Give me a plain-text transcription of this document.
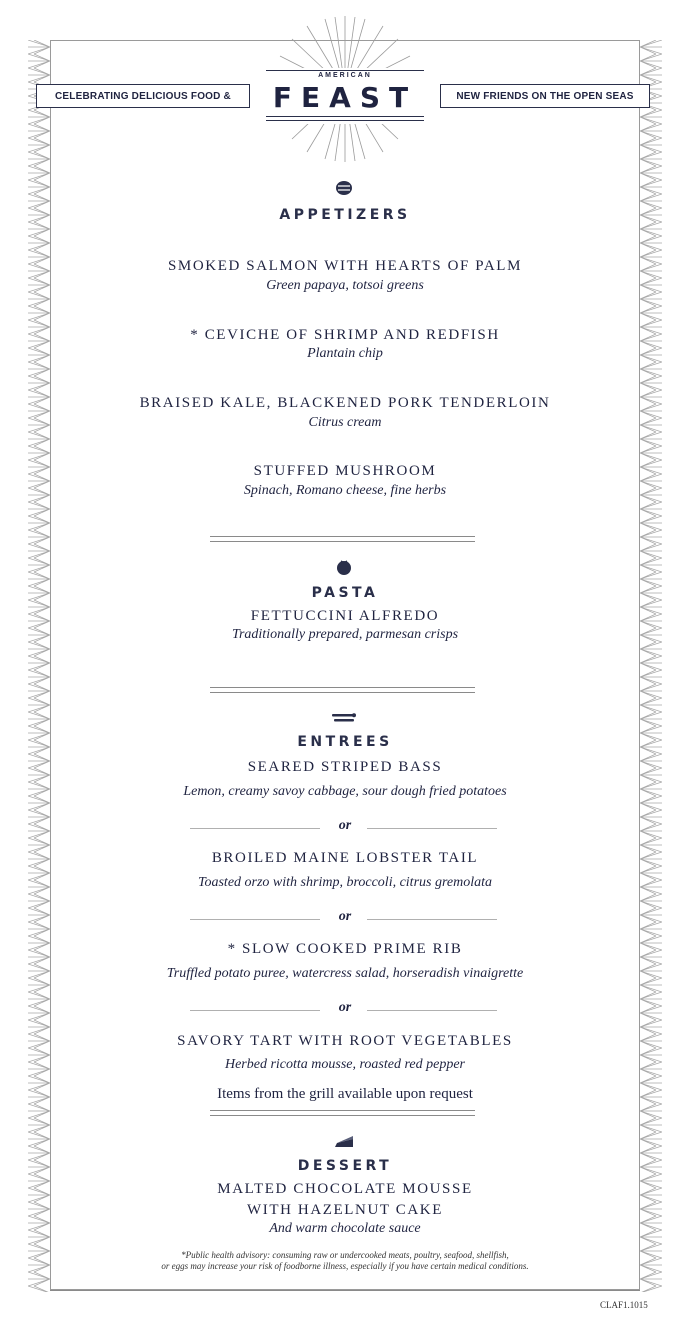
CELEBRATING DELICIOUS FOOD &	NEW FRIENDS ON THE OPEN SEAS
AMERICAN
FEAST
APPETIZERS
SMOKED SALMON WITH HEARTS OF PALM
Green papaya, totsoi greens
* CEVICHE OF SHRIMP AND REDFISH
Plantain chip
BRAISED KALE, BLACKENED PORK TENDERLOIN
Citrus cream
STUFFED MUSHROOM
Spinach, Romano cheese, fine herbs
PASTA
FETTUCCINI ALFREDO
Traditionally prepared, parmesan crisps
ENTREES
SEARED STRIPED BASS
Lemon, creamy savoy cabbage, sour dough fried potatoes
or
BROILED MAINE LOBSTER TAIL
Toasted orzo with shrimp, broccoli, citrus gremolata
or
* SLOW COOKED PRIME RIB
Truffled potato puree, watercress salad, horseradish vinaigrette
or
SAVORY TART WITH ROOT VEGETABLES
Herbed ricotta mousse, roasted red pepper
Items from the grill available upon request
DESSERT
MALTED CHOCOLATE MOUSSE
WITH HAZELNUT CAKE
And warm chocolate sauce
*Public health advisory: consuming raw or undercooked meats, poultry, seafood, shellfish,
or eggs may increase your risk of foodborne illness, especially if you have certain medical conditions.
CLAF1.1015
